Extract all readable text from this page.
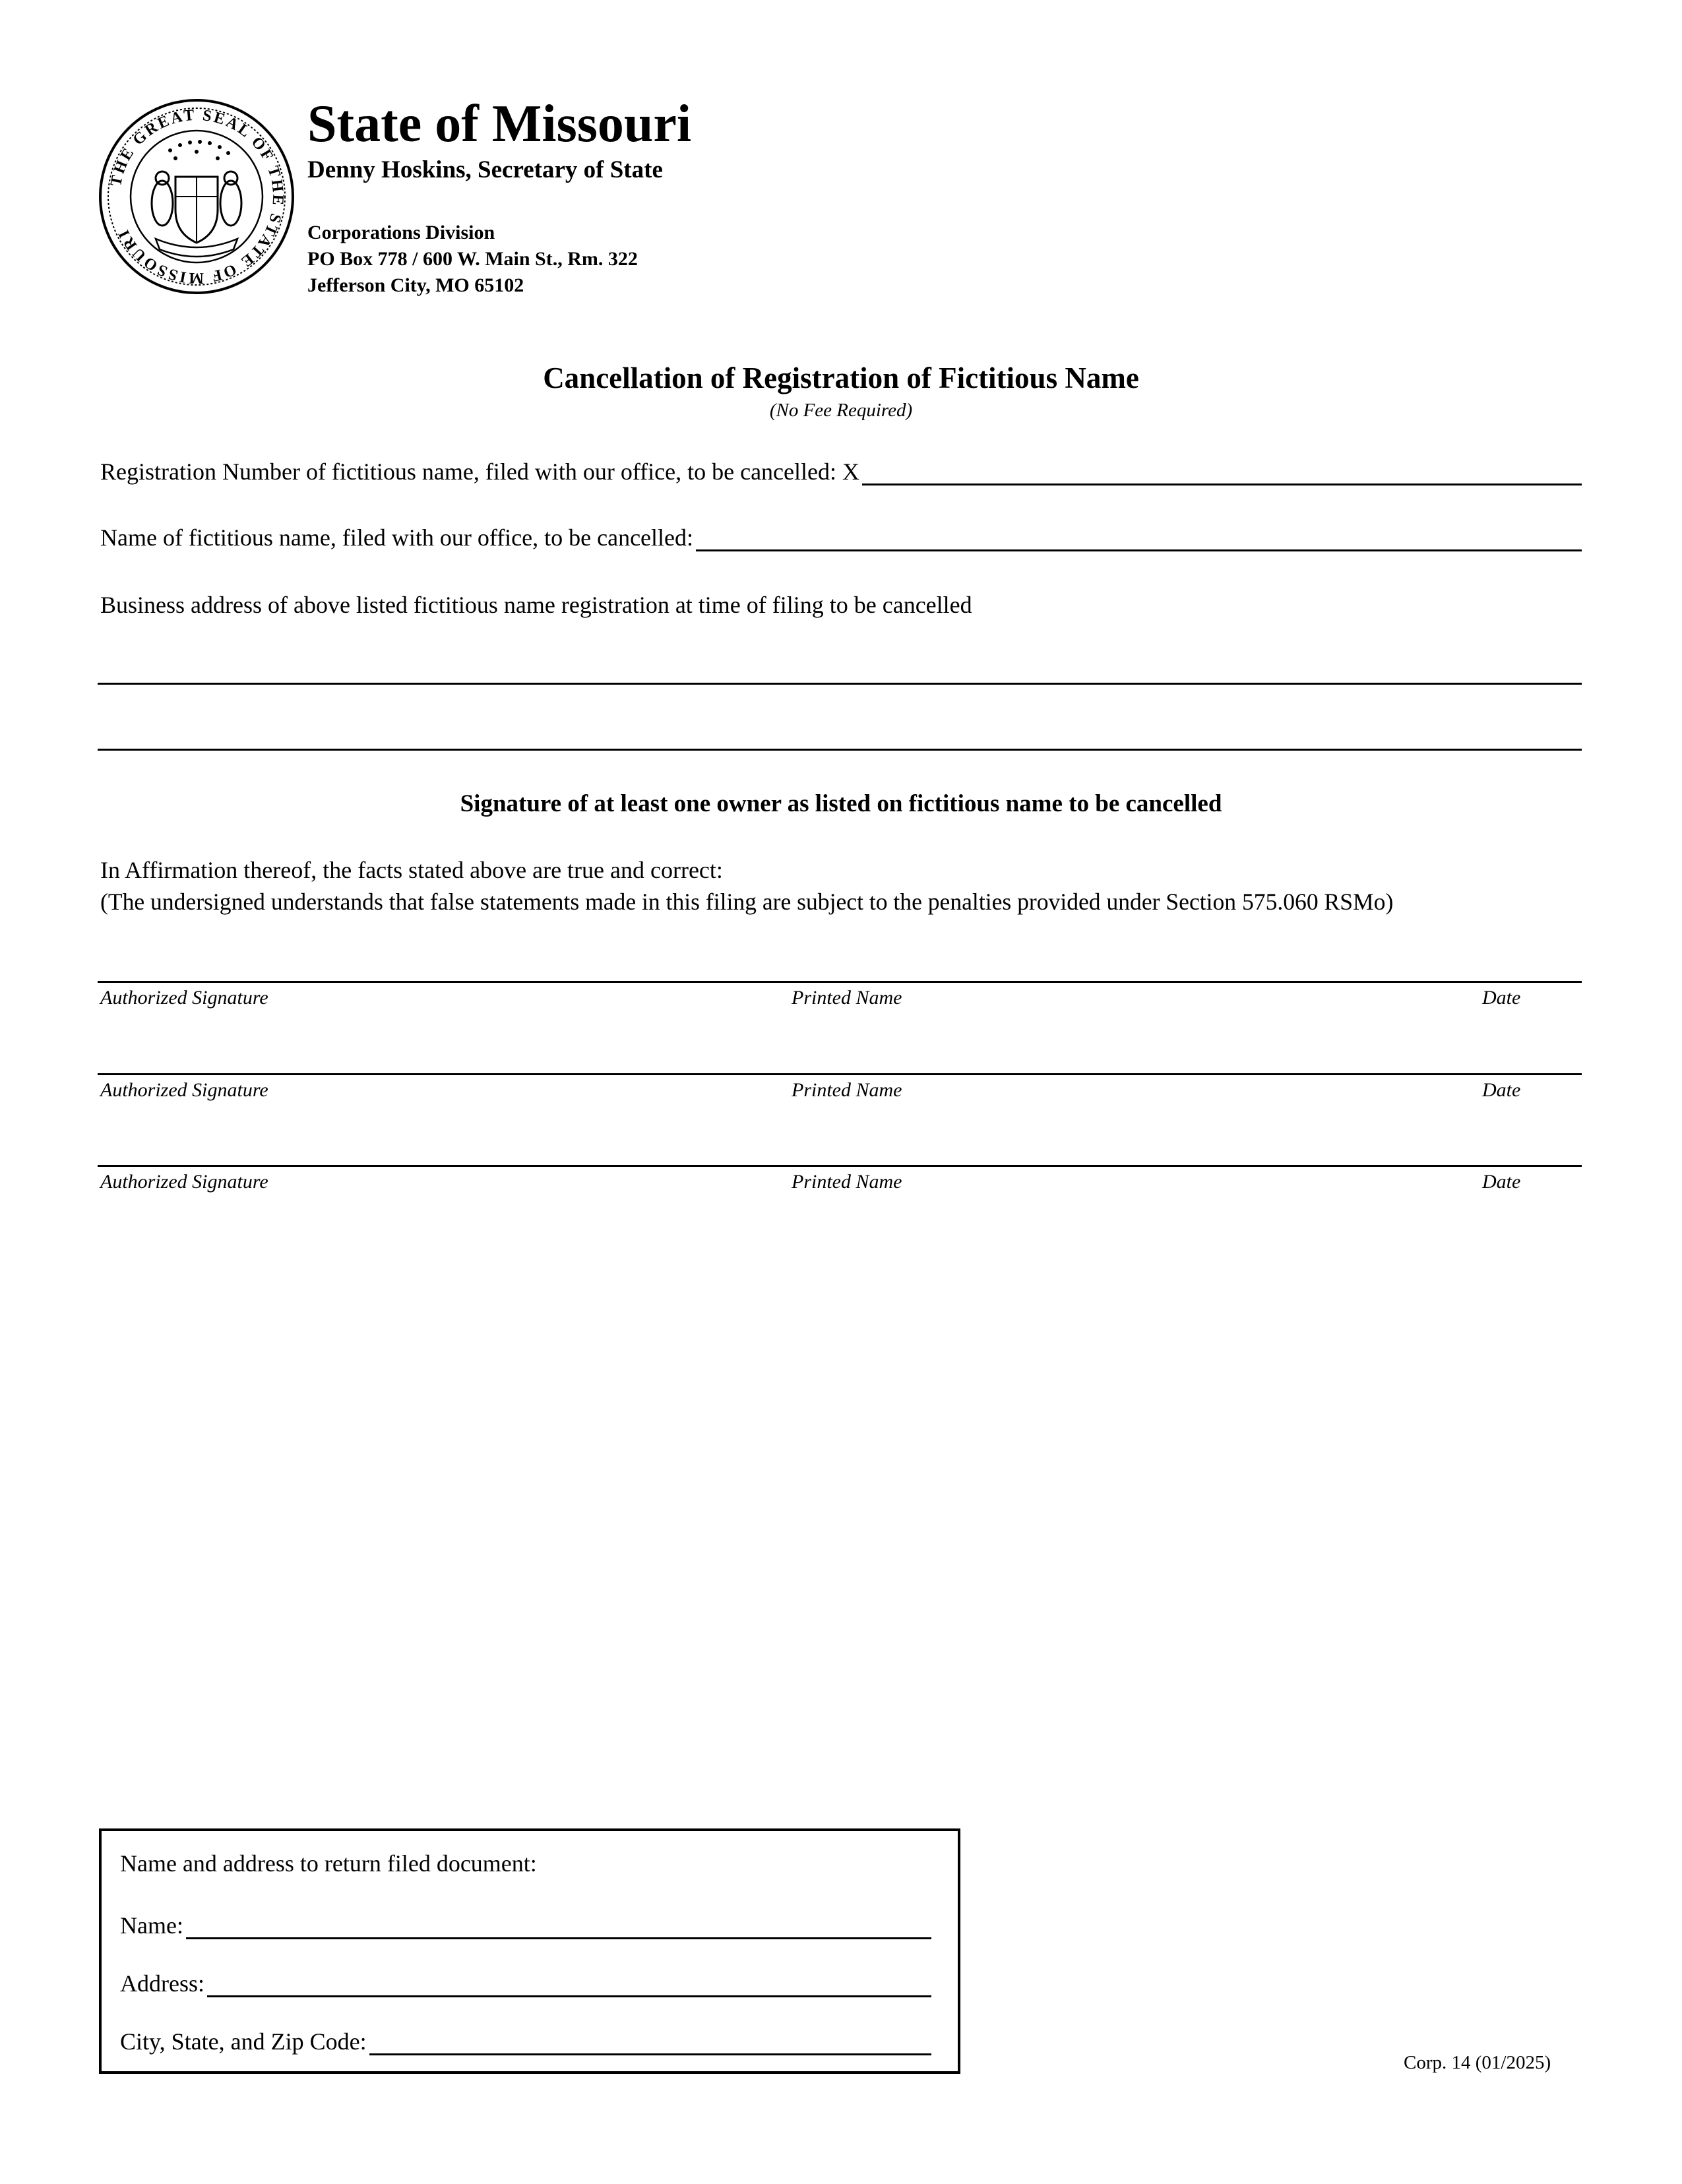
THE GREAT SEAL OF THE STATE OF MISSOURI
State of Missouri
Denny Hoskins, Secretary of State
Corporations Division
PO Box 778 / 600 W. Main St., Rm. 322
Jefferson City, MO 65102
Cancellation of Registration of Fictitious Name
(No Fee Required)
Registration Number of fictitious name, filed with our office, to be cancelled: X
Name of fictitious name, filed with our office, to be cancelled:
Business address of above listed fictitious name registration at time of filing to be cancelled
Signature of at least one owner as listed on fictitious name to be cancelled
In Affirmation thereof, the facts stated above are true and correct:
(The undersigned understands that false statements made in this filing are subject to the penalties provided under Section 575.060 RSMo)
Authorized Signature	Printed Name	Date
Authorized Signature	Printed Name	Date
Authorized Signature	Printed Name	Date
Name and address to return filed document:
Name:
Address:
City, State, and Zip Code:
Corp. 14 (01/2025)
